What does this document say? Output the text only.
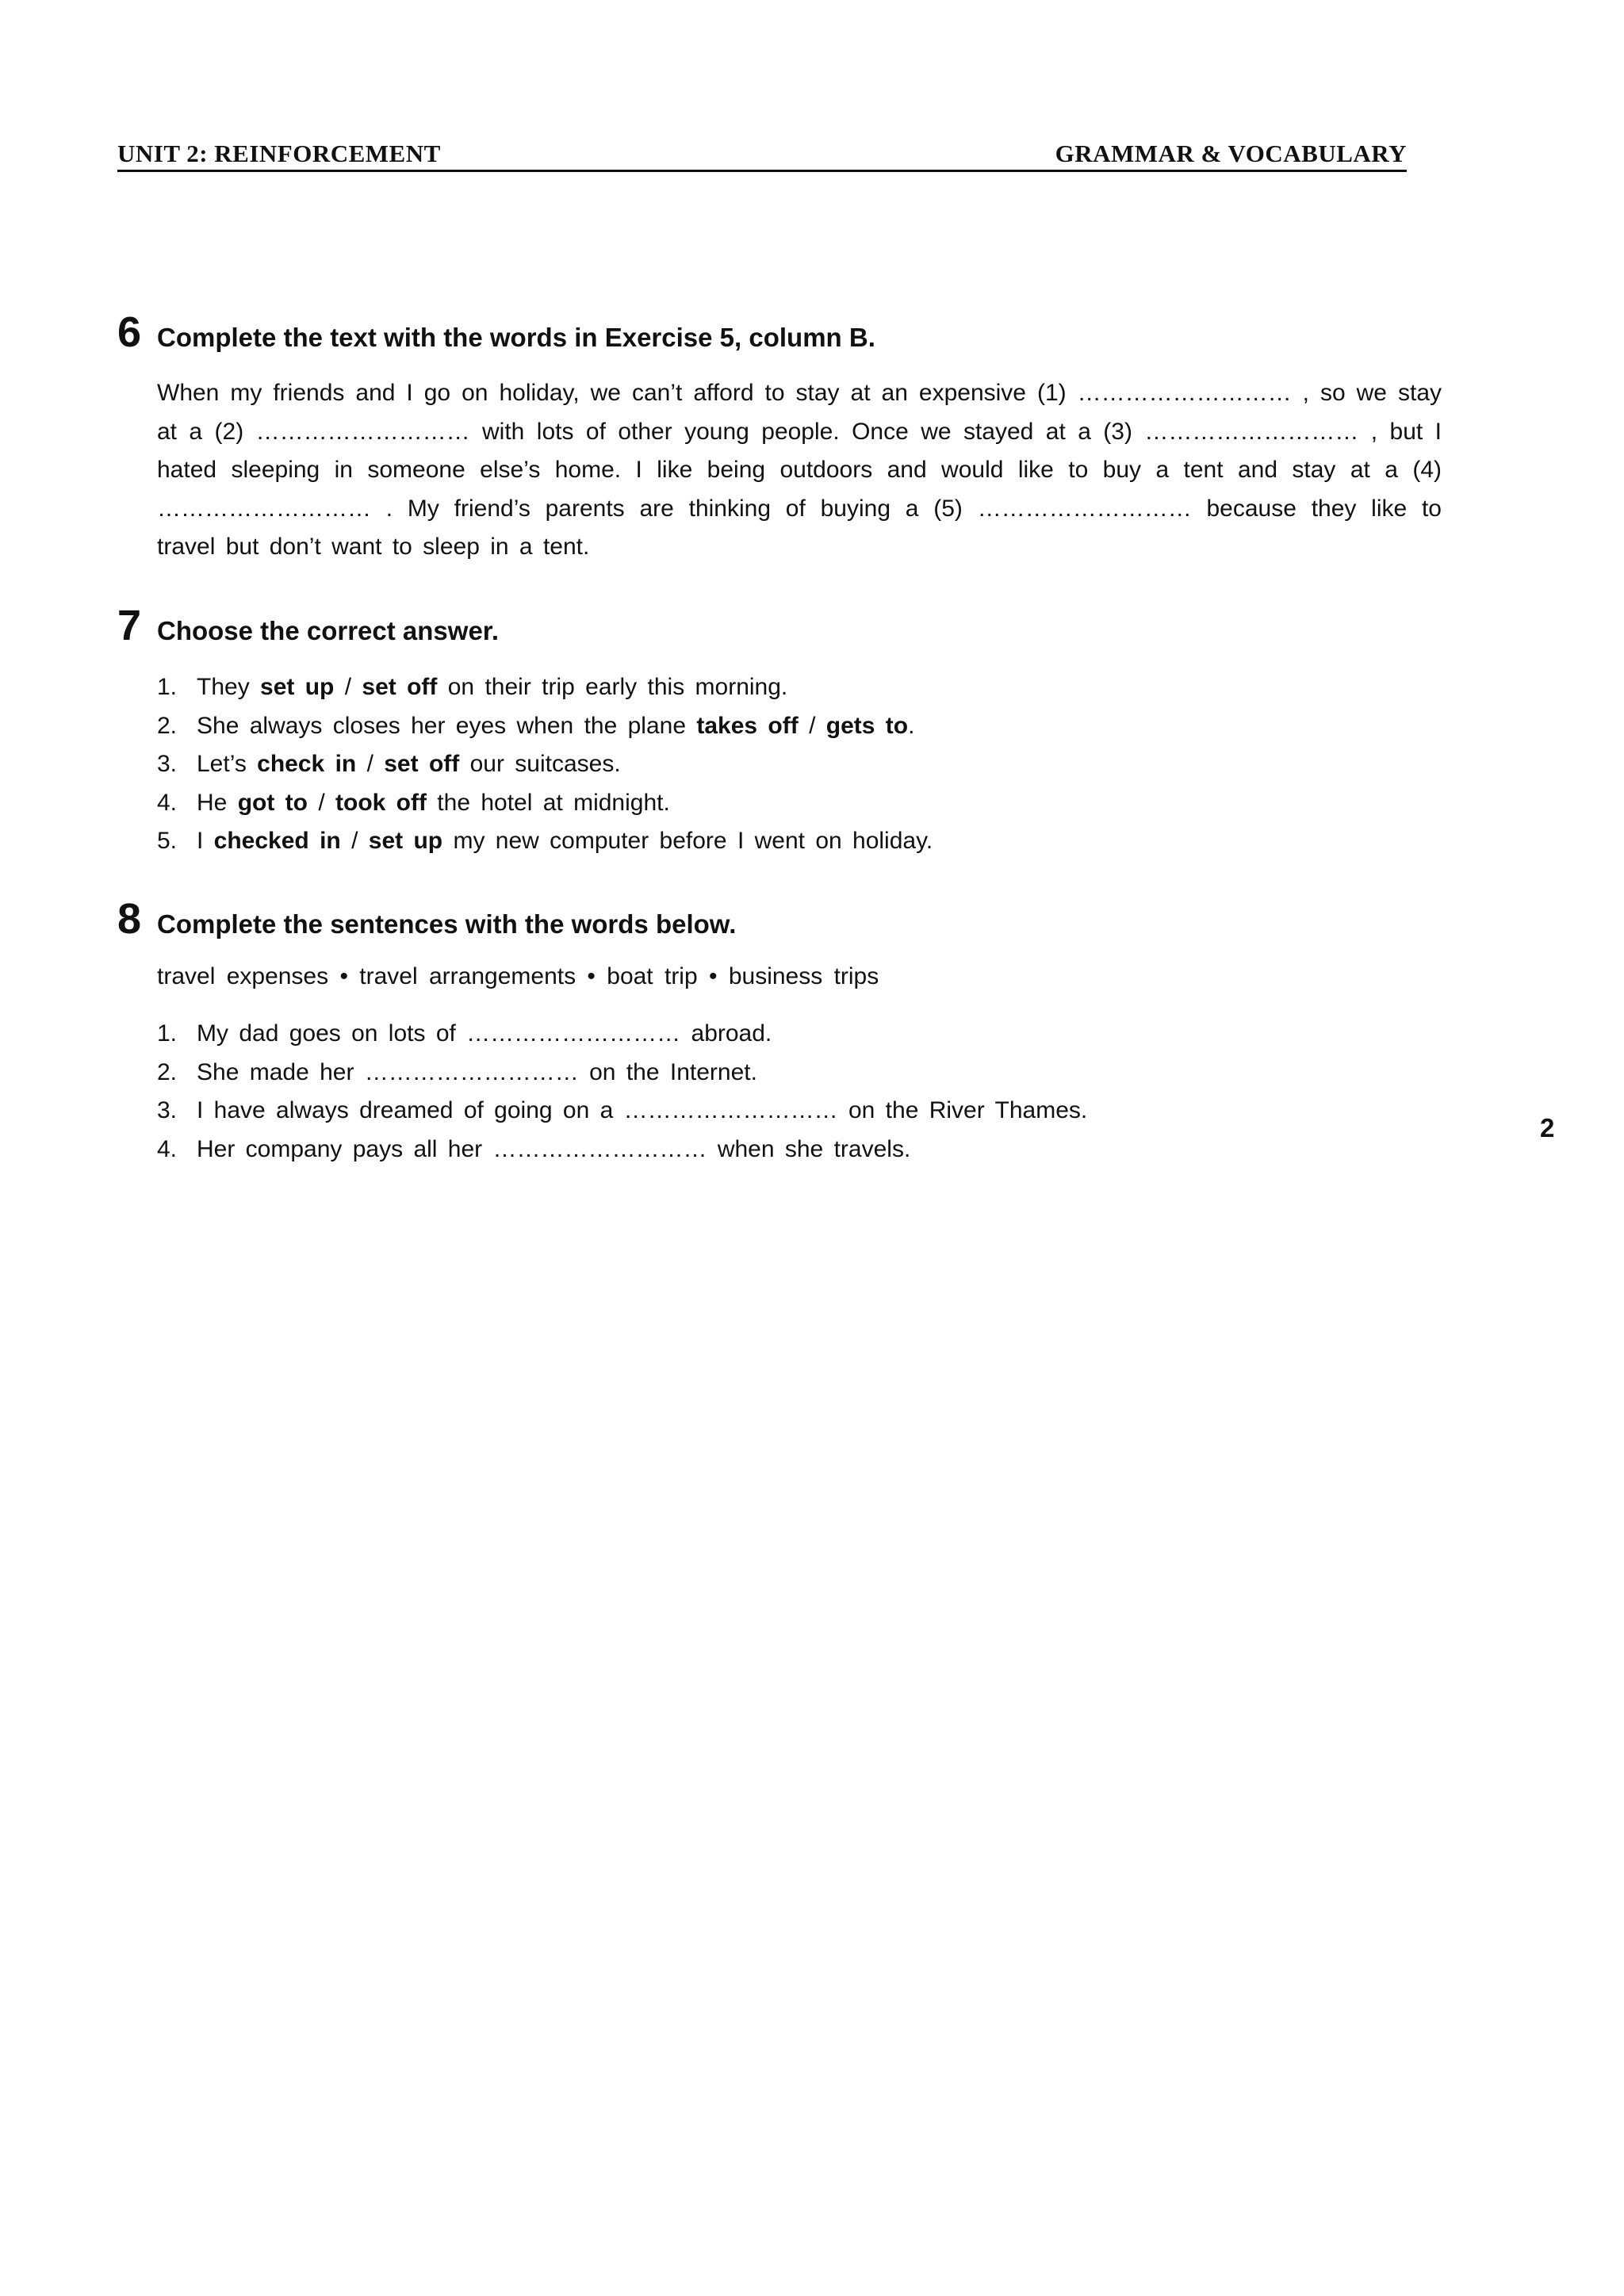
UNIT 2: REINFORCEMENT	GRAMMAR & VOCABULARY
6 Complete the text with the words in Exercise 5, column B.

When my friends and I go on holiday, we can’t afford to stay at an expensive (1) ……………………… , so we stay at a (2) ……………………… with lots of other young people. Once we stayed at a (3) ……………………… , but I hated sleeping in someone else’s home. I like being outdoors and would like to buy a tent and stay at a (4) ……………………… . My friend’s parents are thinking of buying a (5) ……………………… because they like to travel but don’t want to sleep in a tent.

7 Choose the correct answer.
1. They set up / set off on their trip early this morning.
2. She always closes her eyes when the plane takes off / gets to.
3. Let’s check in / set off our suitcases.
4. He got to / took off the hotel at midnight.
5. I checked in / set up my new computer before I went on holiday.
8 Complete the sentences with the words below.
travel expenses • travel arrangements • boat trip • business trips
1. My dad goes on lots of ……………………… abroad.
2. She made her ……………………… on the Internet.
3. I have always dreamed of going on a ……………………… on the River Thames.
4. Her company pays all her ……………………… when she travels.
2
